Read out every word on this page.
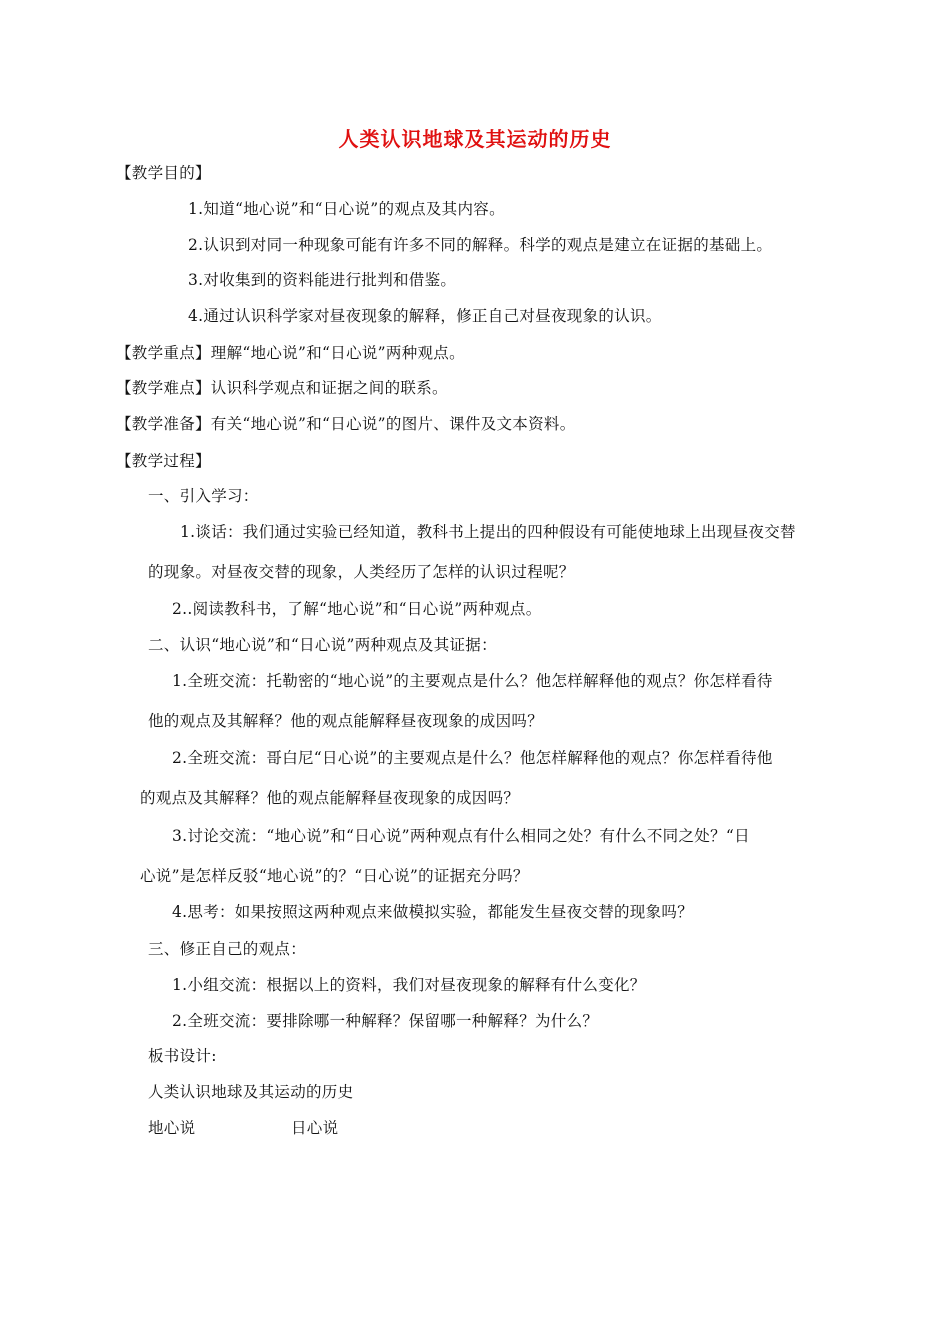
人类认识地球及其运动的历史
【教学目的】
1.知道“地心说”和“日心说”的观点及其内容。
2.认识到对同一种现象可能有许多不同的解释。科学的观点是建立在证据的基础上。
3.对收集到的资料能进行批判和借鉴。
4.通过认识科学家对昼夜现象的解释，修正自己对昼夜现象的认识。
【教学重点】理解“地心说”和“日心说”两种观点。
【教学难点】认识科学观点和证据之间的联系。
【教学准备】有关“地心说”和“日心说”的图片、课件及文本资料。
【教学过程】
一、引入学习：
1.谈话：我们通过实验已经知道，教科书上提出的四种假设有可能使地球上出现昼夜交替
的现象。对昼夜交替的现象，人类经历了怎样的认识过程呢？
2..阅读教科书，了解“地心说”和“日心说”两种观点。
二、认识“地心说”和“日心说”两种观点及其证据：
1.全班交流：托勒密的“地心说”的主要观点是什么？他怎样解释他的观点？你怎样看待
他的观点及其解释？他的观点能解释昼夜现象的成因吗？
2.全班交流：哥白尼“日心说”的主要观点是什么？他怎样解释他的观点？你怎样看待他
的观点及其解释？他的观点能解释昼夜现象的成因吗？
3.讨论交流：“地心说”和“日心说”两种观点有什么相同之处？有什么不同之处？“日
心说”是怎样反驳“地心说”的？“日心说”的证据充分吗？
4.思考：如果按照这两种观点来做模拟实验，都能发生昼夜交替的现象吗？
三、修正自己的观点：
1.小组交流：根据以上的资料，我们对昼夜现象的解释有什么变化？
2.全班交流：要排除哪一种解释？保留哪一种解释？为什么？
板书设计:
人类认识地球及其运动的历史
地心说	日心说
